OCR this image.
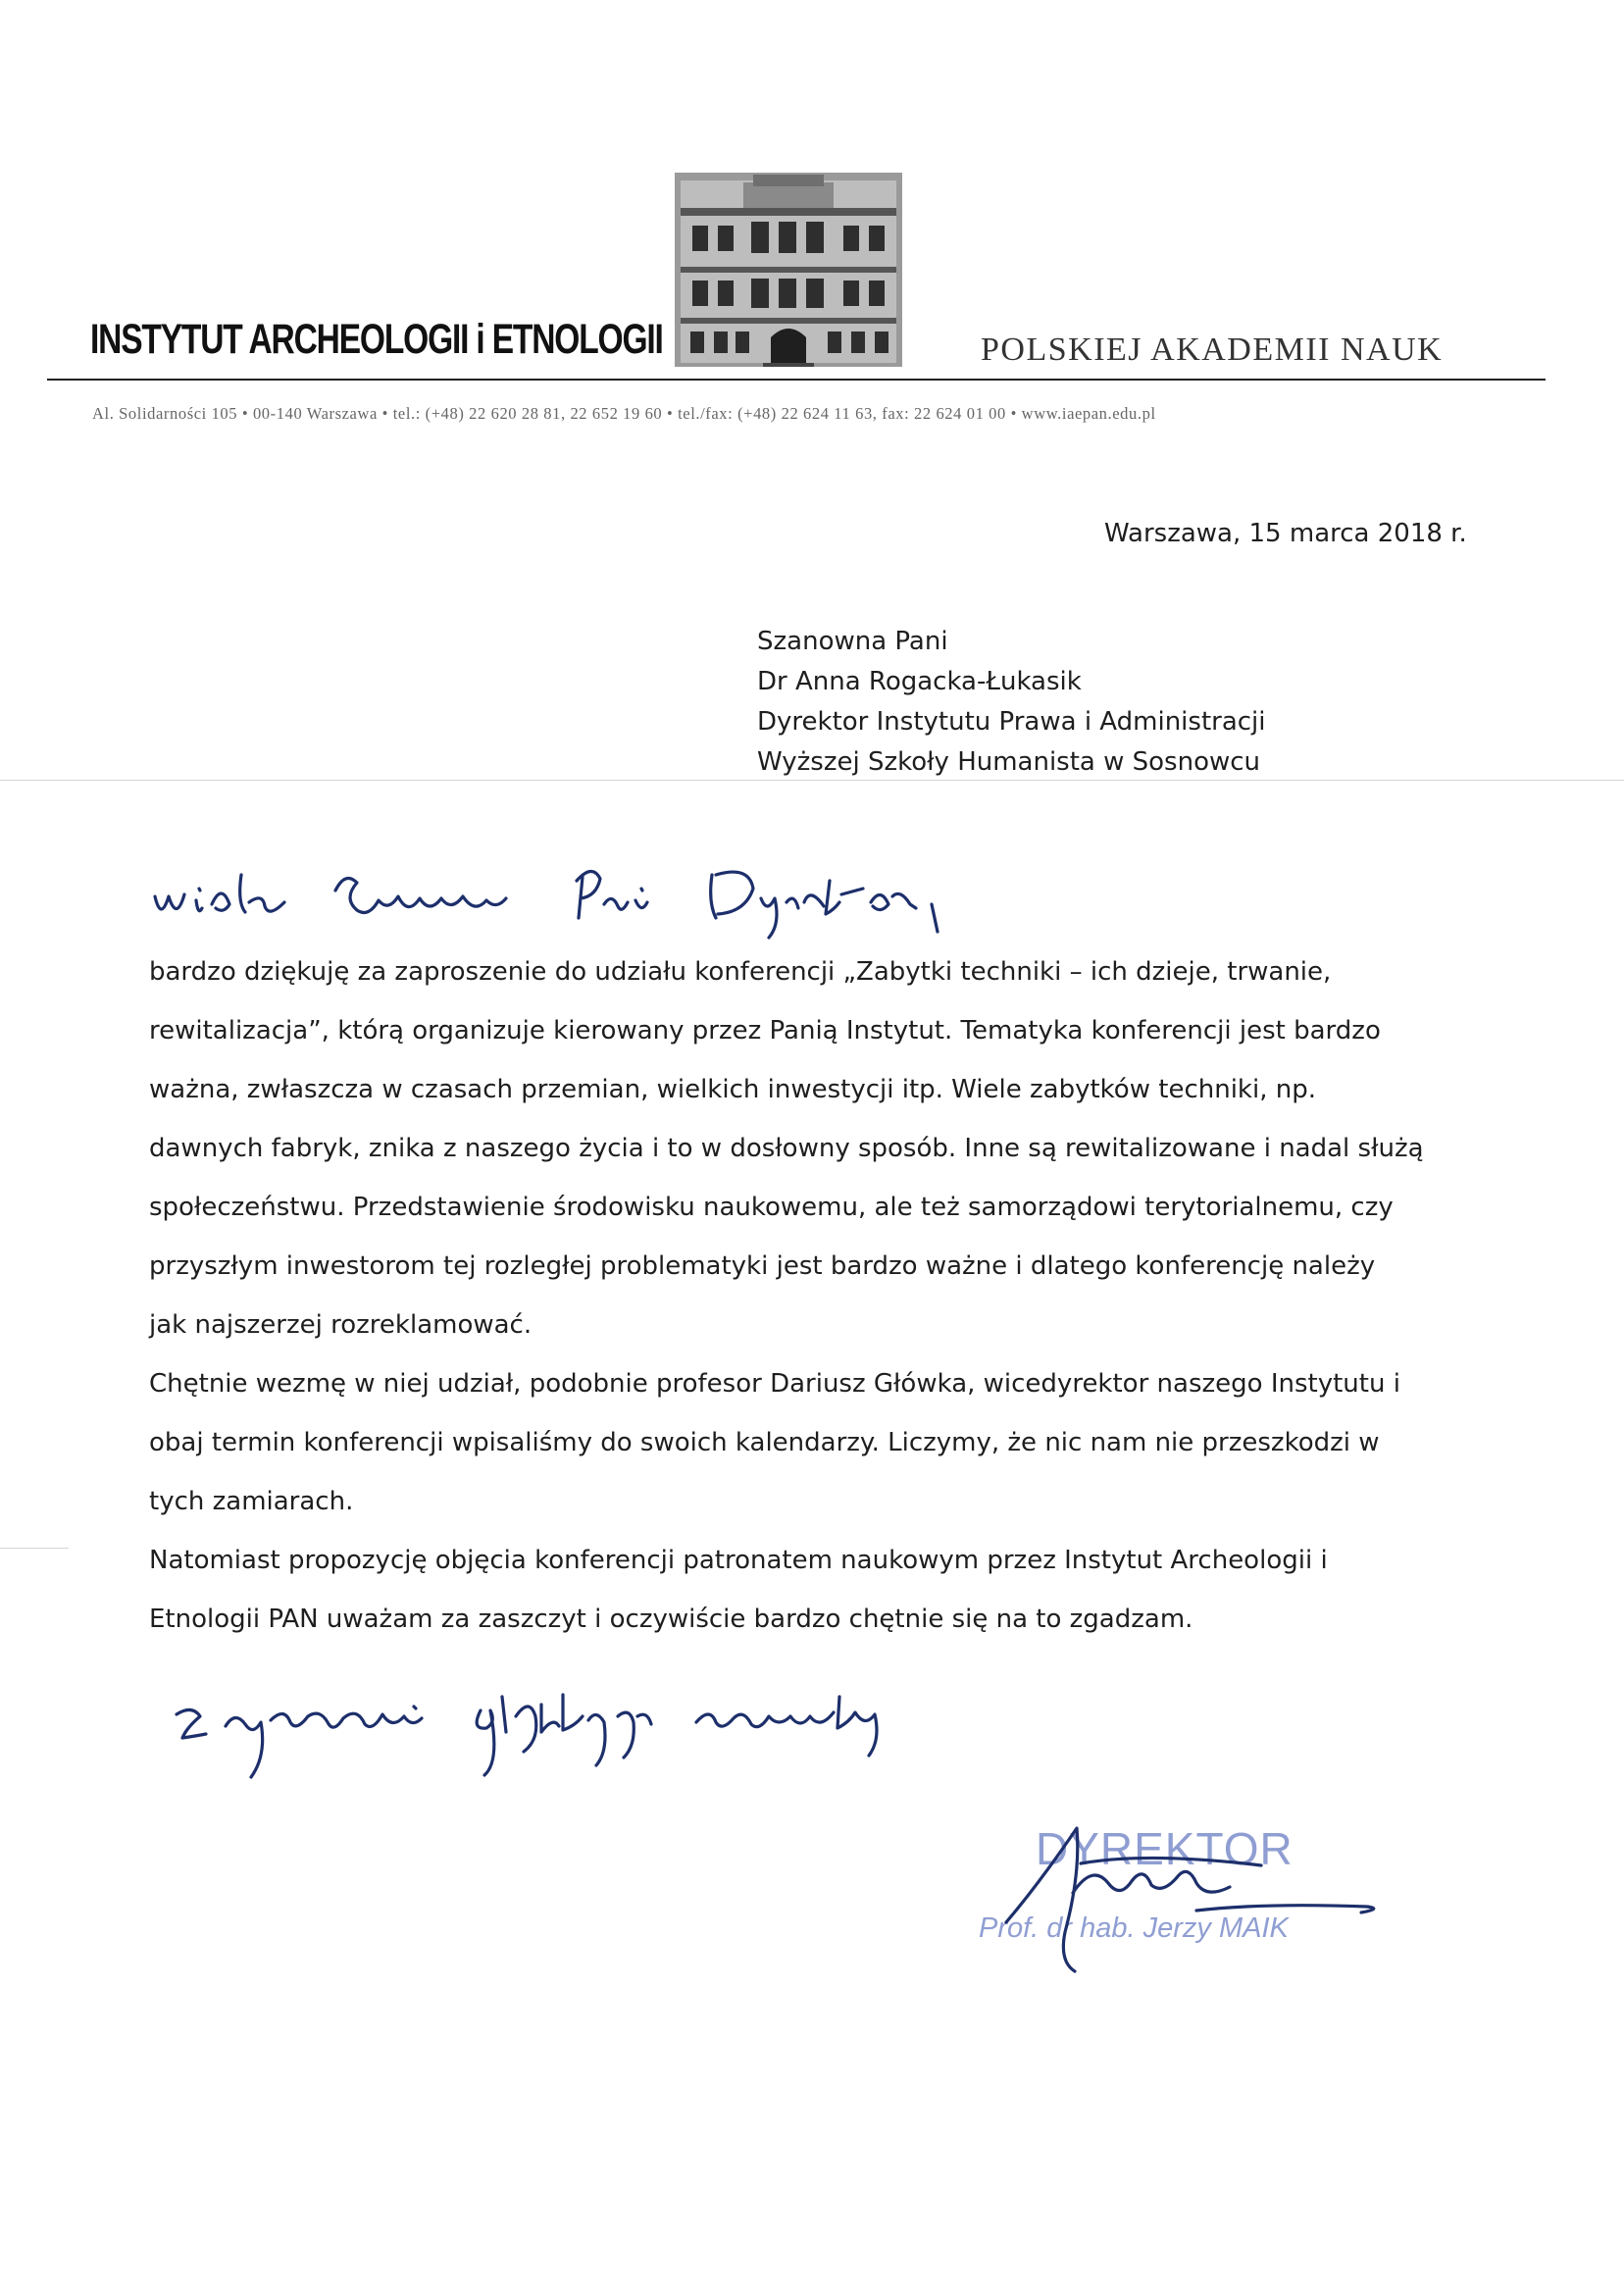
INSTYTUT ARCHEOLOGII i ETNOLOGII	POLSKIEJ AKADEMII NAUK
Al. Solidarności 105 • 00-140 Warszawa • tel.: (+48) 22 620 28 81, 22 652 19 60 • tel./fax: (+48) 22 624 11 63, fax: 22 624 01 00 • www.iaepan.edu.pl
Warszawa, 15 marca 2018 r.
Szanowna Pani
Dr Anna Rogacka-Łukasik
Dyrektor Instytutu Prawa i Administracji
Wyższej Szkoły Humanista w Sosnowcu
bardzo dziękuję za zaproszenie do udziału konferencji „Zabytki techniki – ich dzieje, trwanie,
rewitalizacja”, którą organizuje kierowany przez Panią Instytut. Tematyka konferencji jest bardzo
ważna, zwłaszcza w czasach przemian, wielkich inwestycji itp. Wiele zabytków techniki, np.
dawnych fabryk, znika z naszego życia i to w dosłowny sposób. Inne są rewitalizowane i nadal służą
społeczeństwu. Przedstawienie środowisku naukowemu, ale też samorządowi terytorialnemu, czy
przyszłym inwestorom tej rozległej problematyki jest bardzo ważne i dlatego konferencję należy
jak najszerzej rozreklamować.
Chętnie wezmę w niej udział, podobnie profesor Dariusz Główka, wicedyrektor naszego Instytutu i
obaj termin konferencji wpisaliśmy do swoich kalendarzy. Liczymy, że nic nam nie przeszkodzi w
tych zamiarach.
Natomiast propozycję objęcia konferencji patronatem naukowym przez Instytut Archeologii i
Etnologii PAN uważam za zaszczyt i oczywiście bardzo chętnie się na to zgadzam.
DYREKTOR
Prof. dr hab. Jerzy MAIK
